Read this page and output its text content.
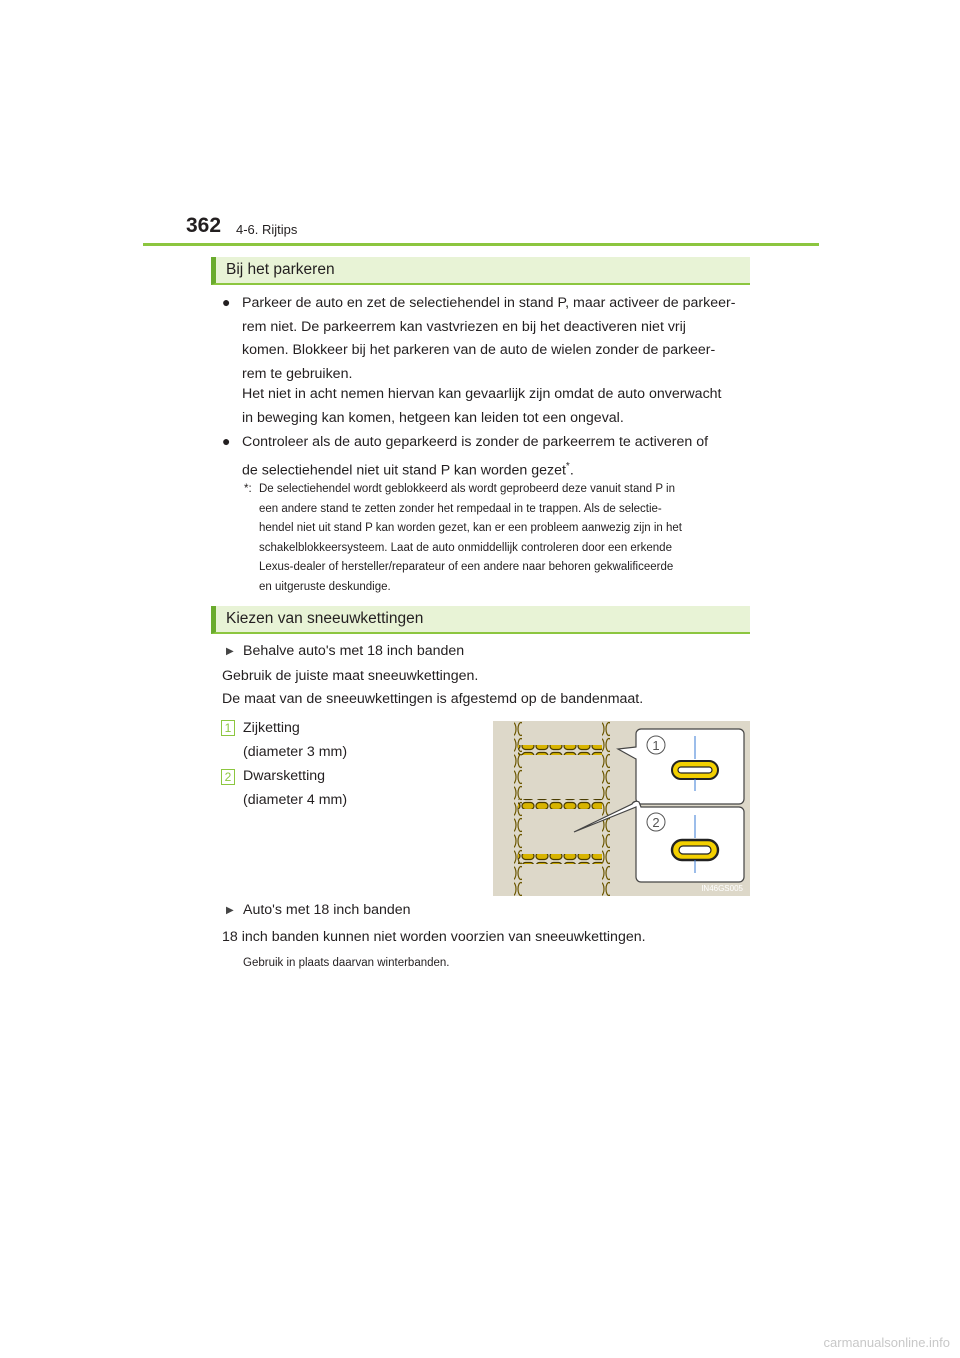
362 4-6. Rijtips
Bij het parkeren
● Parkeer de auto en zet de selectiehendel in stand P, maar activeer de parkeer-
rem niet. De parkeerrem kan vastvriezen en bij het deactiveren niet vrij
komen. Blokkeer bij het parkeren van de auto de wielen zonder de parkeer-
rem te gebruiken.
Het niet in acht nemen hiervan kan gevaarlijk zijn omdat de auto onverwacht
in beweging kan komen, hetgeen kan leiden tot een ongeval.
● Controleer als de auto geparkeerd is zonder de parkeerrem te activeren of
de selectiehendel niet uit stand P kan worden gezet*.
*: De selectiehendel wordt geblokkeerd als wordt geprobeerd deze vanuit stand P in
een andere stand te zetten zonder het rempedaal in te trappen. Als de selectie-
hendel niet uit stand P kan worden gezet, kan er een probleem aanwezig zijn in het
schakelblokkeersysteem. Laat de auto onmiddellijk controleren door een erkende
Lexus-dealer of hersteller/reparateur of een andere naar behoren gekwalificeerde
en uitgeruste deskundige.
Kiezen van sneeuwkettingen
▶ Behalve auto's met 18 inch banden
Gebruik de juiste maat sneeuwkettingen.
De maat van de sneeuwkettingen is afgestemd op de bandenmaat.
1 Zijketting
(diameter 3 mm)
2 Dwarsketting
(diameter 4 mm)
1
2
IN46GS005
▶ Auto's met 18 inch banden
18 inch banden kunnen niet worden voorzien van sneeuwkettingen.
Gebruik in plaats daarvan winterbanden.
carmanualsonline.info
